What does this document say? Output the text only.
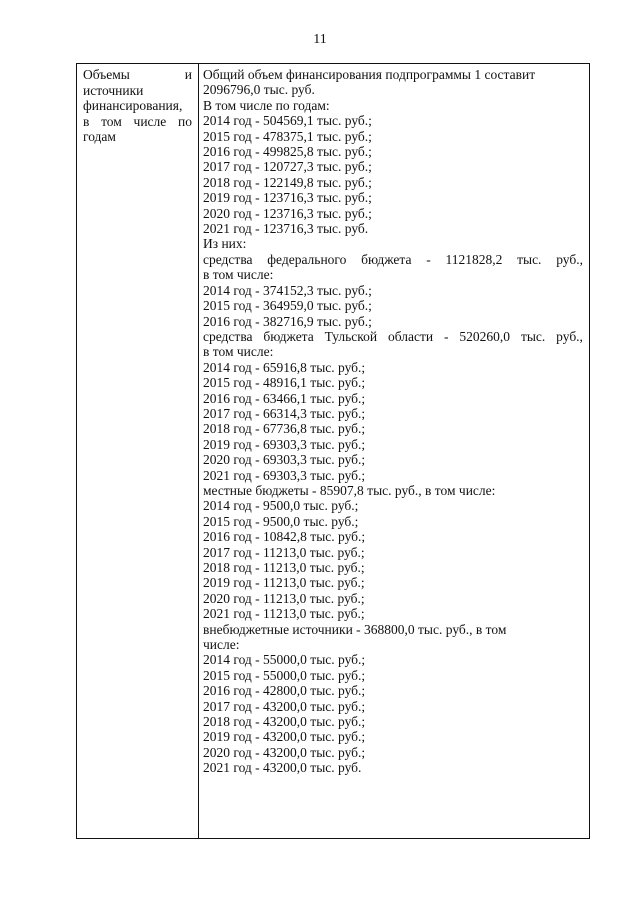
11
Объемы	и
источники
финансирования,
в том числе по
годам
Общий объем финансирования подпрограммы 1 составит
2096796,0 тыс. руб.
В том числе по годам:
2014 год - 504569,1 тыс. руб.;
2015 год - 478375,1 тыс. руб.;
2016 год - 499825,8 тыс. руб.;
2017 год - 120727,3 тыс. руб.;
2018 год - 122149,8 тыс. руб.;
2019 год - 123716,3 тыс. руб.;
2020 год - 123716,3 тыс. руб.;
2021 год - 123716,3 тыс. руб.
Из них:
средства федерального бюджета - 1121828,2 тыс. руб.,
в том числе:
2014 год - 374152,3 тыс. руб.;
2015 год - 364959,0 тыс. руб.;
2016 год - 382716,9 тыс. руб.;
средства бюджета Тульской области - 520260,0 тыс. руб.,
в том числе:
2014 год - 65916,8 тыс. руб.;
2015 год - 48916,1 тыс. руб.;
2016 год - 63466,1 тыс. руб.;
2017 год - 66314,3 тыс. руб.;
2018 год - 67736,8 тыс. руб.;
2019 год - 69303,3 тыс. руб.;
2020 год - 69303,3 тыс. руб.;
2021 год - 69303,3 тыс. руб.;
местные бюджеты - 85907,8 тыс. руб., в том числе:
2014 год - 9500,0 тыс. руб.;
2015 год - 9500,0 тыс. руб.;
2016 год - 10842,8 тыс. руб.;
2017 год - 11213,0 тыс. руб.;
2018 год - 11213,0 тыс. руб.;
2019 год - 11213,0 тыс. руб.;
2020 год - 11213,0 тыс. руб.;
2021 год - 11213,0 тыс. руб.;
внебюджетные источники - 368800,0 тыс. руб., в том
числе:
2014 год - 55000,0 тыс. руб.;
2015 год - 55000,0 тыс. руб.;
2016 год - 42800,0 тыс. руб.;
2017 год - 43200,0 тыс. руб.;
2018 год - 43200,0 тыс. руб.;
2019 год - 43200,0 тыс. руб.;
2020 год - 43200,0 тыс. руб.;
2021 год - 43200,0 тыс. руб.
